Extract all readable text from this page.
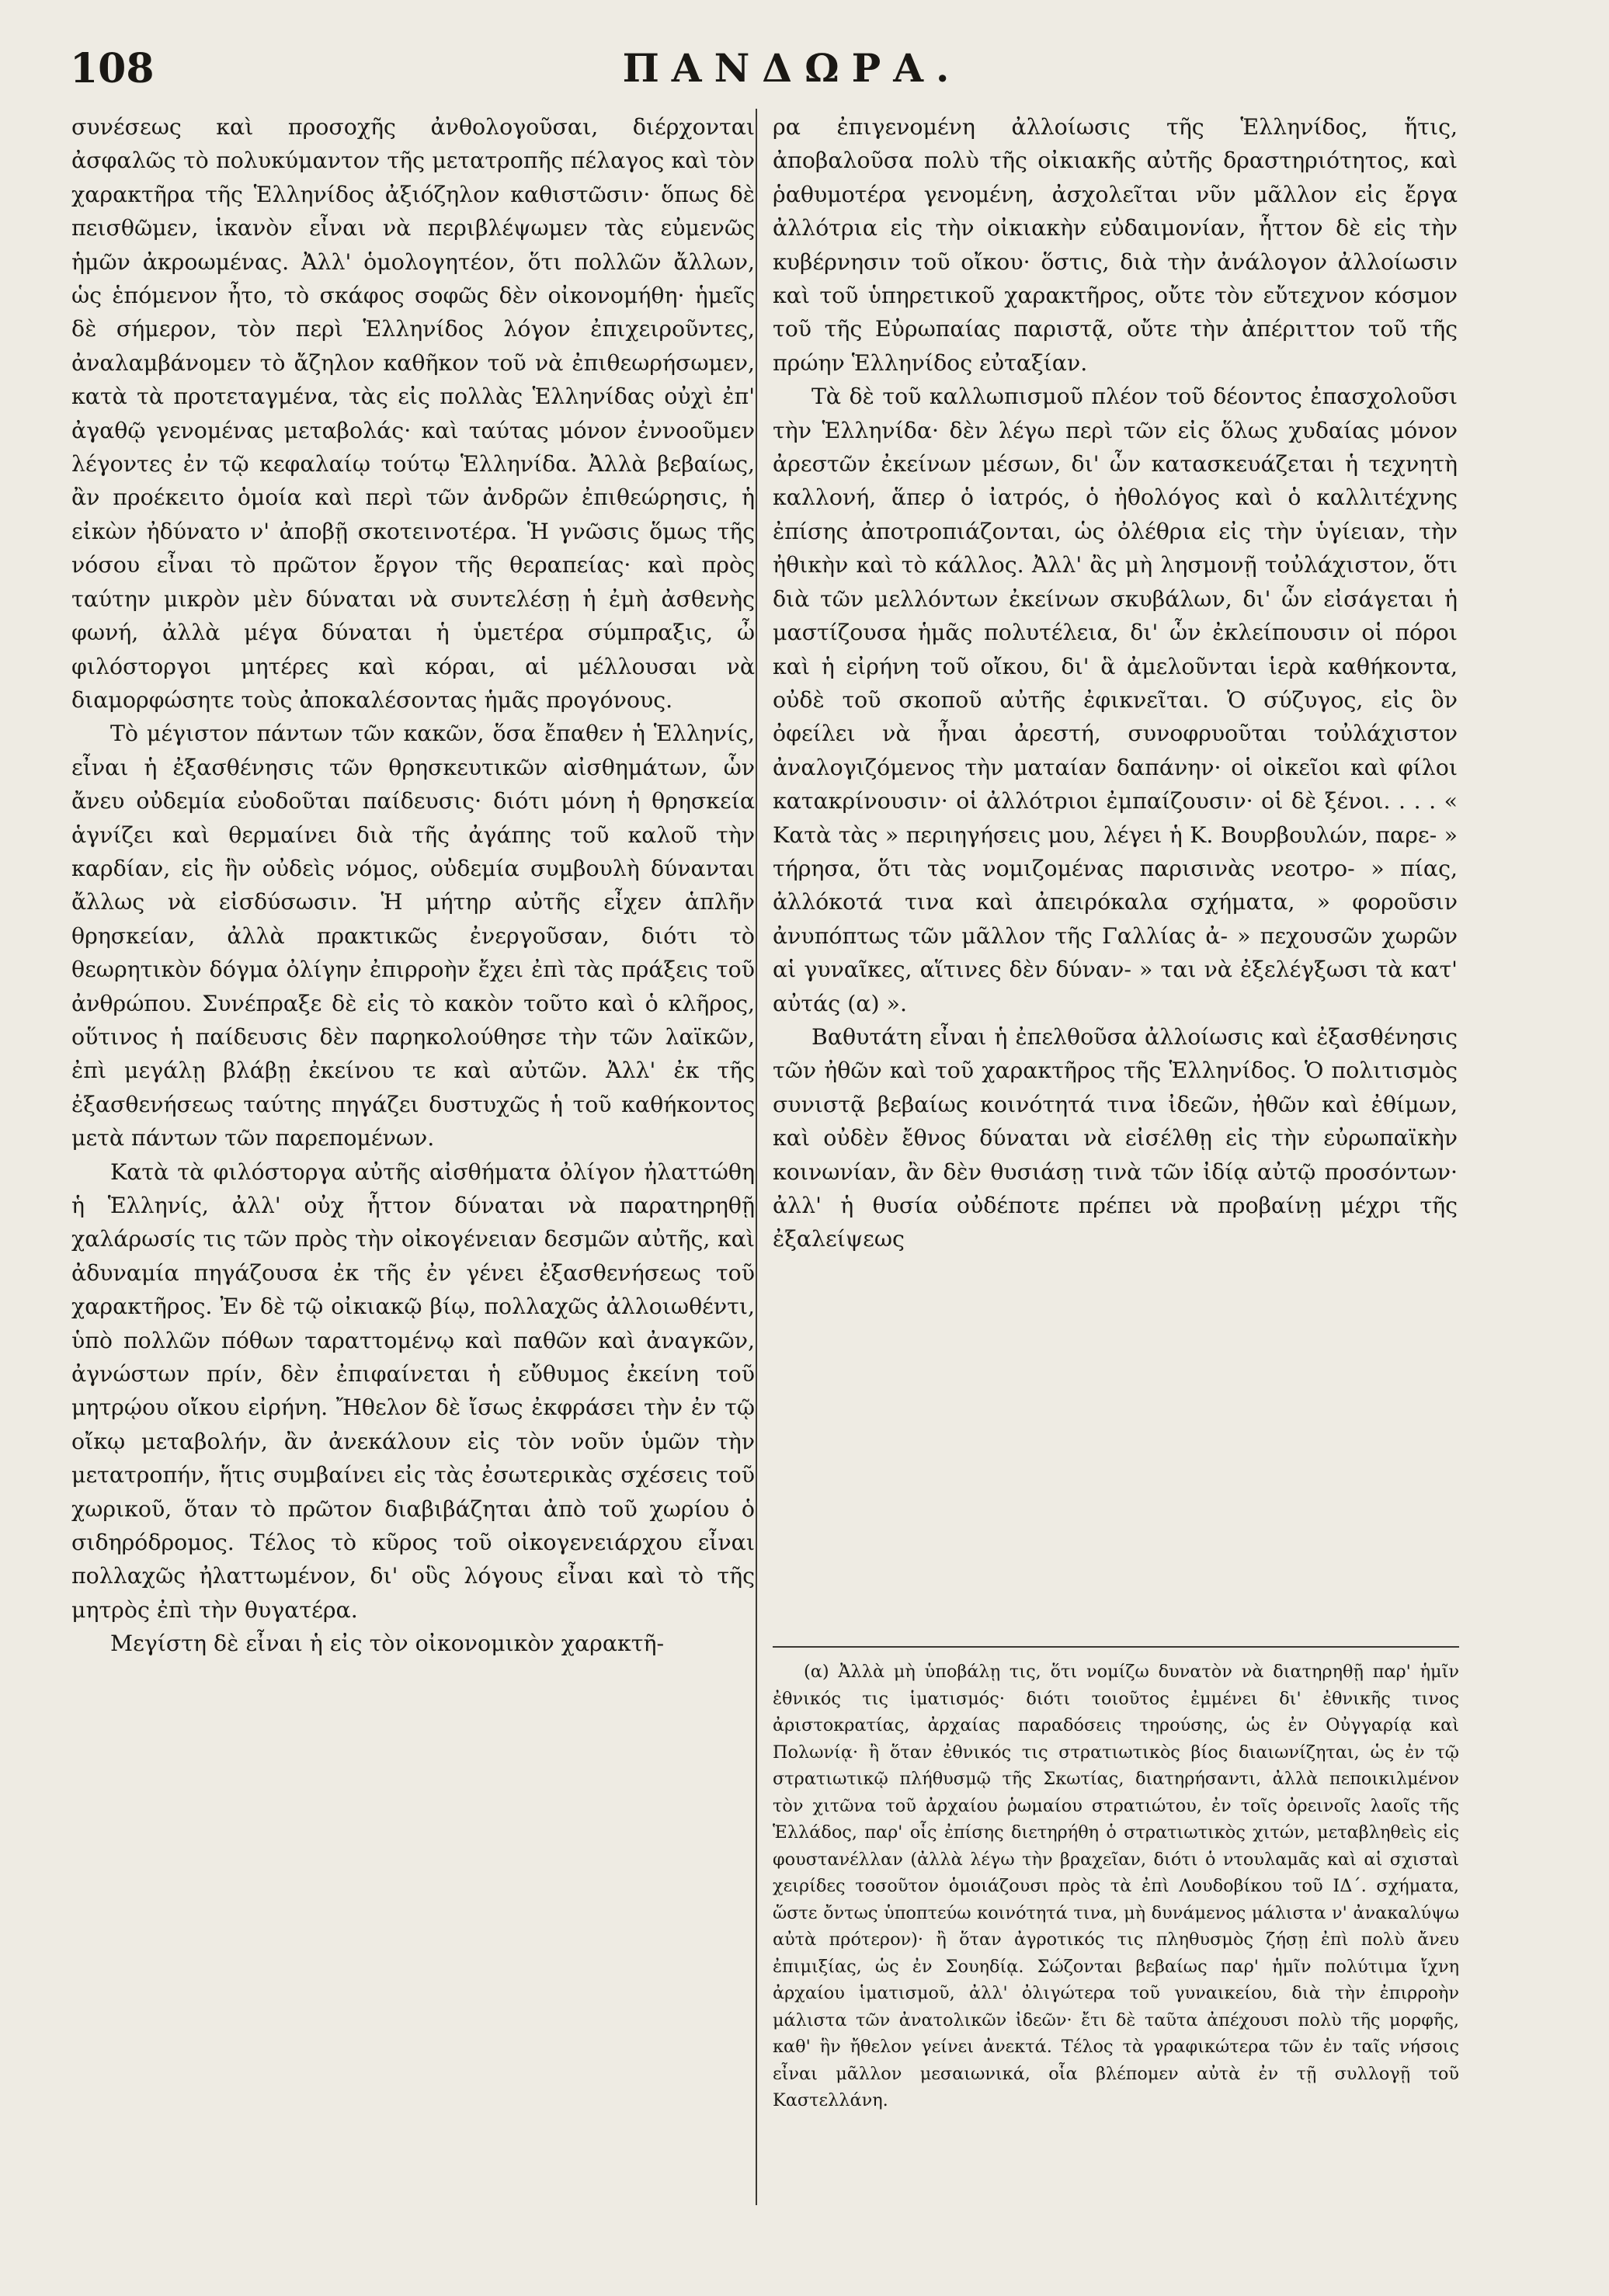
108	ΠΑΝΔΩΡΑ.

συνέσεως καὶ προσοχῆς ἀνθολογοῦσαι, διέρχονται ἀσφαλῶς τὸ πολυκύμαντον τῆς μετατροπῆς πέλαγος καὶ τὸν χαρακτῆρα τῆς Ἑλληνίδος ἀξιόζηλον καθιστῶσιν· ὅπως δὲ πεισθῶμεν, ἱκανὸν εἶναι νὰ περιβλέψωμεν τὰς εὐμενῶς ἡμῶν ἀκροωμένας. Ἀλλ' ὁμολογητέον, ὅτι πολλῶν ἄλλων, ὡς ἑπόμενον ἦτο, τὸ σκάφος σοφῶς δὲν οἰκονομήθη· ἡμεῖς δὲ σήμερον, τὸν περὶ Ἑλληνίδος λόγον ἐπιχειροῦντες, ἀναλαμβάνομεν τὸ ἄζηλον καθῆκον τοῦ νὰ ἐπιθεωρήσωμεν, κατὰ τὰ προτεταγμένα, τὰς εἰς πολλὰς Ἑλληνίδας οὐχὶ ἐπ' ἀγαθῷ γενομένας μεταβολάς· καὶ ταύτας μόνον ἐννοοῦμεν λέγοντες ἐν τῷ κεφαλαίῳ τούτῳ Ἑλληνίδα. Ἀλλὰ βεβαίως, ἂν προέκειτο ὁμοία καὶ περὶ τῶν ἀνδρῶν ἐπιθεώρησις, ἡ εἰκὼν ἠδύνατο ν' ἀποβῇ σκοτεινοτέρα. Ἡ γνῶσις ὅμως τῆς νόσου εἶναι τὸ πρῶτον ἔργον τῆς θεραπείας· καὶ πρὸς ταύτην μικρὸν μὲν δύναται νὰ συντελέσῃ ἡ ἐμὴ ἀσθενὴς φωνή, ἀλλὰ μέγα δύναται ἡ ὑμετέρα σύμπραξις, ὦ φιλόστοργοι μητέρες καὶ κόραι, αἱ μέλλουσαι νὰ διαμορφώσητε τοὺς ἀποκαλέσοντας ἡμᾶς προγόνους.

Τὸ μέγιστον πάντων τῶν κακῶν, ὅσα ἔπαθεν ἡ Ἑλληνίς, εἶναι ἡ ἐξασθένησις τῶν θρησκευτικῶν αἰσθημάτων, ὧν ἄνευ οὐδεμία εὐοδοῦται παίδευσις· διότι μόνη ἡ θρησκεία ἁγνίζει καὶ θερμαίνει διὰ τῆς ἀγάπης τοῦ καλοῦ τὴν καρδίαν, εἰς ἣν οὐδεὶς νόμος, οὐδεμία συμβουλὴ δύνανται ἄλλως νὰ εἰσδύσωσιν. Ἡ μήτηρ αὐτῆς εἶχεν ἁπλῆν θρησκείαν, ἀλλὰ πρακτικῶς ἐνεργοῦσαν, διότι τὸ θεωρητικὸν δόγμα ὀλίγην ἐπιρροὴν ἔχει ἐπὶ τὰς πράξεις τοῦ ἀνθρώπου. Συνέπραξε δὲ εἰς τὸ κακὸν τοῦτο καὶ ὁ κλῆρος, οὕτινος ἡ παίδευσις δὲν παρηκολούθησε τὴν τῶν λαϊκῶν, ἐπὶ μεγάλῃ βλάβῃ ἐκείνου τε καὶ αὐτῶν. Ἀλλ' ἐκ τῆς ἐξασθενήσεως ταύτης πηγάζει δυστυχῶς ἡ τοῦ καθήκοντος μετὰ πάντων τῶν παρεπομένων.

Κατὰ τὰ φιλόστοργα αὐτῆς αἰσθήματα ὀλίγον ἠλαττώθη ἡ Ἑλληνίς, ἀλλ' οὐχ ἧττον δύναται νὰ παρατηρηθῇ χαλάρωσίς τις τῶν πρὸς τὴν οἰκογένειαν δεσμῶν αὐτῆς, καὶ ἀδυναμία πηγάζουσα ἐκ τῆς ἐν γένει ἐξασθενήσεως τοῦ χαρακτῆρος. Ἐν δὲ τῷ οἰκιακῷ βίῳ, πολλαχῶς ἀλλοιωθέντι, ὑπὸ πολλῶν πόθων ταραττομένῳ καὶ παθῶν καὶ ἀναγκῶν, ἀγνώστων πρίν, δὲν ἐπιφαίνεται ἡ εὔθυμος ἐκείνη τοῦ μητρῴου οἴκου εἰρήνη. Ἤθελον δὲ ἴσως ἐκφράσει τὴν ἐν τῷ οἴκῳ μεταβολήν, ἂν ἀνεκάλουν εἰς τὸν νοῦν ὑμῶν τὴν μετατροπήν, ἥτις συμβαίνει εἰς τὰς ἐσωτερικὰς σχέσεις τοῦ χωρικοῦ, ὅταν τὸ πρῶτον διαβιβάζηται ἀπὸ τοῦ χωρίου ὁ σιδηρόδρομος. Τέλος τὸ κῦρος τοῦ οἰκογενειάρχου εἶναι πολλαχῶς ἠλαττωμένον, δι' οὓς λόγους εἶναι καὶ τὸ τῆς μητρὸς ἐπὶ τὴν θυγατέρα.

Μεγίστη δὲ εἶναι ἡ εἰς τὸν οἰκονομικὸν χαρακτῆ-

ρα ἐπιγενομένη ἀλλοίωσις τῆς Ἑλληνίδος, ἥτις, ἀποβαλοῦσα πολὺ τῆς οἰκιακῆς αὐτῆς δραστηριότητος, καὶ ῥαθυμοτέρα γενομένη, ἀσχολεῖται νῦν μᾶλλον εἰς ἔργα ἀλλότρια εἰς τὴν οἰκιακὴν εὐδαιμονίαν, ἧττον δὲ εἰς τὴν κυβέρνησιν τοῦ οἴκου· ὅστις, διὰ τὴν ἀνάλογον ἀλλοίωσιν καὶ τοῦ ὑπηρετικοῦ χαρακτῆρος, οὔτε τὸν εὔτεχνον κόσμον τοῦ τῆς Εὐρωπαίας παριστᾷ, οὔτε τὴν ἀπέριττον τοῦ τῆς πρώην Ἑλληνίδος εὐταξίαν.

Τὰ δὲ τοῦ καλλωπισμοῦ πλέον τοῦ δέοντος ἐπασχολοῦσι τὴν Ἑλληνίδα· δὲν λέγω περὶ τῶν εἰς ὅλως χυδαίας μόνον ἀρεστῶν ἐκείνων μέσων, δι' ὧν κατασκευάζεται ἡ τεχνητὴ καλλονή, ἅπερ ὁ ἰατρός, ὁ ἠθολόγος καὶ ὁ καλλιτέχνης ἐπίσης ἀποτροπιάζονται, ὡς ὀλέθρια εἰς τὴν ὑγίειαν, τὴν ἠθικὴν καὶ τὸ κάλλος. Ἀλλ' ἂς μὴ λησμονῇ τοὐλάχιστον, ὅτι διὰ τῶν μελλόντων ἐκείνων σκυβάλων, δι' ὧν εἰσάγεται ἡ μαστίζουσα ἡμᾶς πολυτέλεια, δι' ὧν ἐκλείπουσιν οἱ πόροι καὶ ἡ εἰρήνη τοῦ οἴκου, δι' ἃ ἀμελοῦνται ἱερὰ καθήκοντα, οὐδὲ τοῦ σκοποῦ αὐτῆς ἐφικνεῖται. Ὁ σύζυγος, εἰς ὃν ὀφείλει νὰ ἦναι ἀρεστή, συνοφρυοῦται τοὐλάχιστον ἀναλογιζόμενος τὴν ματαίαν δαπάνην· οἱ οἰκεῖοι καὶ φίλοι κατακρίνουσιν· οἱ ἀλλότριοι ἐμπαίζουσιν· οἱ δὲ ξένοι. . . . « Κατὰ τὰς » περιηγήσεις μου, λέγει ἡ Κ. Βουρβουλών, παρε- » τήρησα, ὅτι τὰς νομιζομένας παρισινὰς νεοτρο- » πίας, ἀλλόκοτά τινα καὶ ἀπειρόκαλα σχήματα, » φοροῦσιν ἀνυπόπτως τῶν μᾶλλον τῆς Γαλλίας ἀ- » πεχουσῶν χωρῶν αἱ γυναῖκες, αἵτινες δὲν δύναν- » ται νὰ ἐξελέγξωσι τὰ κατ' αὐτάς (α) ».

Βαθυτάτη εἶναι ἡ ἐπελθοῦσα ἀλλοίωσις καὶ ἐξασθένησις τῶν ἠθῶν καὶ τοῦ χαρακτῆρος τῆς Ἑλληνίδος. Ὁ πολιτισμὸς συνιστᾷ βεβαίως κοινότητά τινα ἰδεῶν, ἠθῶν καὶ ἐθίμων, καὶ οὐδὲν ἔθνος δύναται νὰ εἰσέλθῃ εἰς τὴν εὐρωπαϊκὴν κοινωνίαν, ἂν δὲν θυσιάσῃ τινὰ τῶν ἰδίᾳ αὐτῷ προσόντων· ἀλλ' ἡ θυσία οὐδέποτε πρέπει νὰ προβαίνῃ μέχρι τῆς ἐξαλείψεως

(α) Ἀλλὰ μὴ ὑποβάλῃ τις, ὅτι νομίζω δυνατὸν νὰ διατηρηθῇ παρ' ἡμῖν ἐθνικός τις ἱματισμός· διότι τοιοῦτος ἐμμένει δι' ἐθνικῆς τινος ἀριστοκρατίας, ἀρχαίας παραδόσεις τηρούσης, ὡς ἐν Οὐγγαρίᾳ καὶ Πολωνίᾳ· ἢ ὅταν ἐθνικός τις στρατιωτικὸς βίος διαιωνίζηται, ὡς ἐν τῷ στρατιωτικῷ πλήθυσμῷ τῆς Σκωτίας, διατηρήσαντι, ἀλλὰ πεποικιλμένον τὸν χιτῶνα τοῦ ἀρχαίου ῥωμαίου στρατιώτου, ἐν τοῖς ὀρεινοῖς λαοῖς τῆς Ἑλλάδος, παρ' οἷς ἐπίσης διετηρήθη ὁ στρατιωτικὸς χιτών, μεταβληθεὶς εἰς φουστανέλλαν (ἀλλὰ λέγω τὴν βραχεῖαν, διότι ὁ ντουλαμᾶς καὶ αἱ σχισταὶ χειρίδες τοσοῦτον ὁμοιάζουσι πρὸς τὰ ἐπὶ Λουδοβίκου τοῦ ΙΔ΄. σχήματα, ὥστε ὄντως ὑποπτεύω κοινότητά τινα, μὴ δυνάμενος μάλιστα ν' ἀνακαλύψω αὐτὰ πρότερον)· ἢ ὅταν ἀγροτικός τις πληθυσμὸς ζήσῃ ἐπὶ πολὺ ἄνευ ἐπιμιξίας, ὡς ἐν Σουηδίᾳ. Σώζονται βεβαίως παρ' ἡμῖν πολύτιμα ἴχνη ἀρχαίου ἱματισμοῦ, ἀλλ' ὀλιγώτερα τοῦ γυναικείου, διὰ τὴν ἐπιρροὴν μάλιστα τῶν ἀνατολικῶν ἰδεῶν· ἔτι δὲ ταῦτα ἀπέχουσι πολὺ τῆς μορφῆς, καθ' ἣν ἤθελον γείνει ἀνεκτά. Τέλος τὰ γραφικώτερα τῶν ἐν ταῖς νήσοις εἶναι μᾶλλον μεσαιωνικά, οἷα βλέπομεν αὐτὰ ἐν τῇ συλλογῇ τοῦ Καστελλάνη.
